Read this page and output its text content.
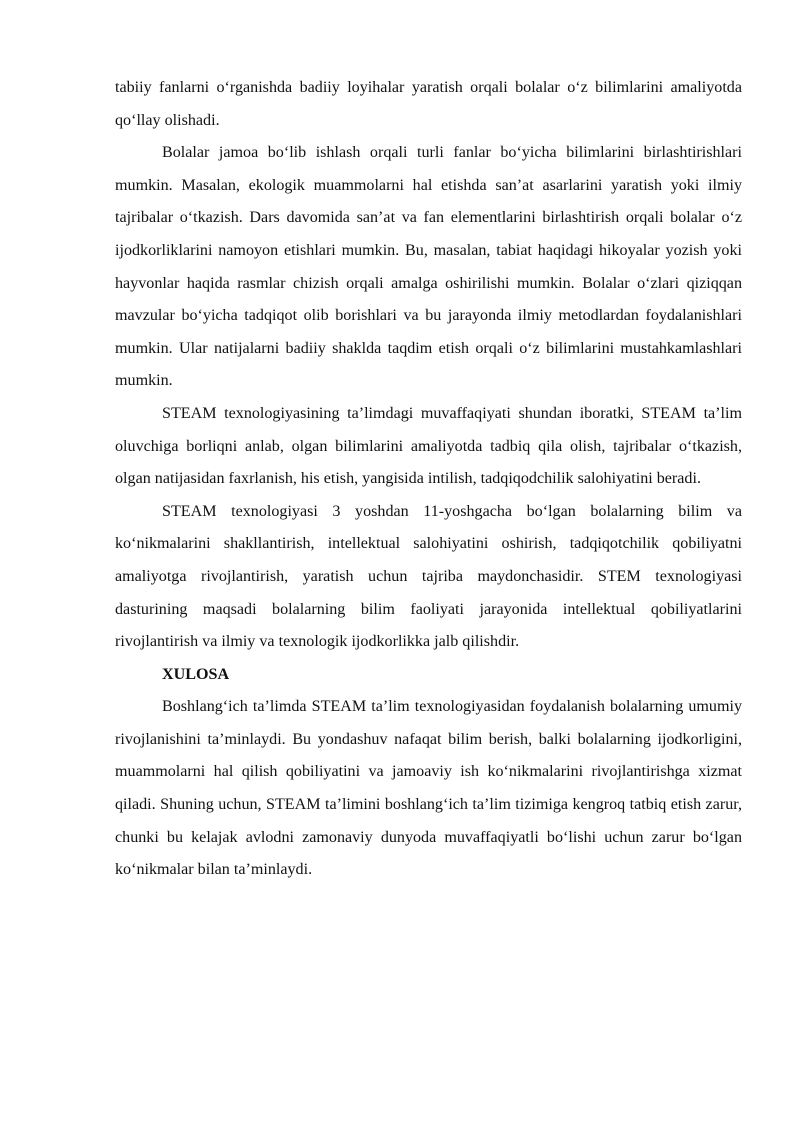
tabiiy fanlarni o‘rganishda badiiy loyihalar yaratish orqali bolalar o‘z bilimlarini amaliyotda qo‘llay olishadi.

Bolalar jamoa bo‘lib ishlash orqali turli fanlar bo‘yicha bilimlarini birlashtirishlari mumkin. Masalan, ekologik muammolarni hal etishda san’at asarlarini yaratish yoki ilmiy tajribalar o‘tkazish. Dars davomida san’at va fan elementlarini birlashtirish orqali bolalar o‘z ijodkorliklarini namoyon etishlari mumkin. Bu, masalan, tabiat haqidagi hikoyalar yozish yoki hayvonlar haqida rasmlar chizish orqali amalga oshirilishi mumkin. Bolalar o‘zlari qiziqqan mavzular bo‘yicha tadqiqot olib borishlari va bu jarayonda ilmiy metodlardan foydalanishlari mumkin. Ular natijalarni badiiy shaklda taqdim etish orqali o‘z bilimlarini mustahkamlashlari mumkin.

STEAM texnologiyasining ta’limdagi muvaffaqiyati shundan iboratki, STEAM ta’lim oluvchiga borliqni anlab, olgan bilimlarini amaliyotda tadbiq qila olish, tajribalar o‘tkazish, olgan natijasidan faxrlanish, his etish, yangisida intilish, tadqiqodchilik salohiyatini beradi.

STEAM texnologiyasi 3 yoshdan 11-yoshgacha bo‘lgan bolalarning bilim va ko‘nikmalarini shakllantirish, intellektual salohiyatini oshirish, tadqiqotchilik qobiliyatni amaliyotga rivojlantirish, yaratish uchun tajriba maydonchasidir. STEM texnologiyasi dasturining maqsadi bolalarning bilim faoliyati jarayonida intellektual qobiliyatlarini rivojlantirish va ilmiy va texnologik ijodkorlikka jalb qilishdir.

XULOSA

Boshlang‘ich ta’limda STEAM ta’lim texnologiyasidan foydalanish bolalarning umumiy rivojlanishini ta’minlaydi. Bu yondashuv nafaqat bilim berish, balki bolalarning ijodkorligini, muammolarni hal qilish qobiliyatini va jamoaviy ish ko‘nikmalarini rivojlantirishga xizmat qiladi. Shuning uchun, STEAM ta’limini boshlang‘ich ta’lim tizimiga kengroq tatbiq etish zarur, chunki bu kelajak avlodni zamonaviy dunyoda muvaffaqiyatli bo‘lishi uchun zarur bo‘lgan ko‘nikmalar bilan ta’minlaydi.
